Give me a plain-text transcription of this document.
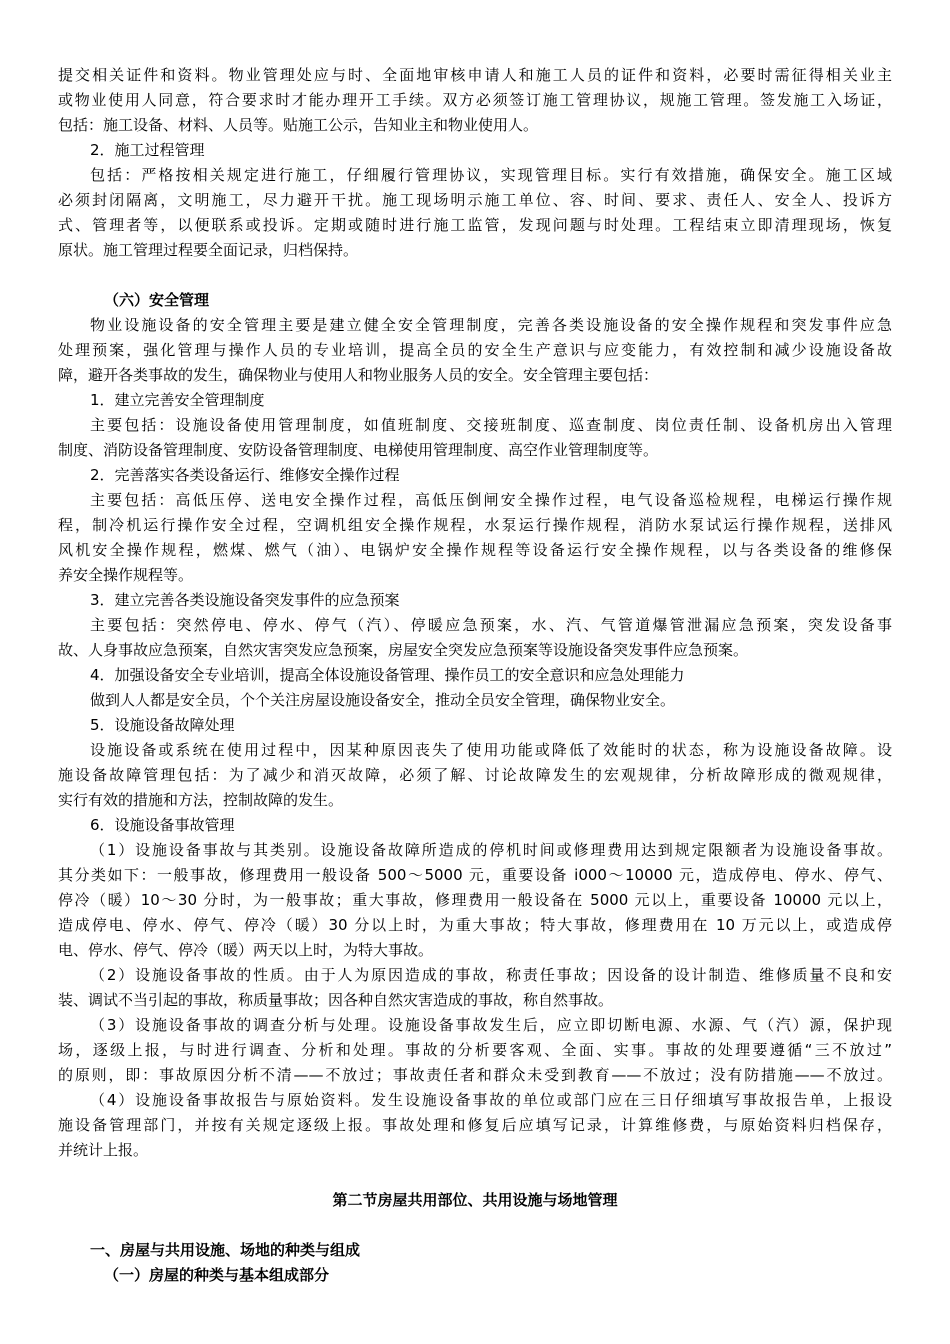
提交相关证件和资料。物业管理处应与时、全面地审核申请人和施工人员的证件和资料，必要时需征得相关业主
或物业使用人同意，符合要求时才能办理开工手续。双方必须签订施工管理协议，规施工管理。签发施工入场证，
包括：施工设备、材料、人员等。贴施工公示，告知业主和物业使用人。
2．施工过程管理
包括：严格按相关规定进行施工，仔细履行管理协议，实现管理目标。实行有效措施，确保安全。施工区域
必须封闭隔离，文明施工，尽力避开干扰。施工现场明示施工单位、容、时间、要求、责任人、安全人、投诉方
式、管理者等，以便联系或投诉。定期或随时进行施工监管，发现问题与时处理。工程结束立即清理现场，恢复
原状。施工管理过程要全面记录，归档保持。
（六）安全管理
物业设施设备的安全管理主要是建立健全安全管理制度，完善各类设施设备的安全操作规程和突发事件应急
处理预案，强化管理与操作人员的专业培训，提高全员的安全生产意识与应变能力，有效控制和减少设施设备故
障，避开各类事故的发生，确保物业与使用人和物业服务人员的安全。安全管理主要包括：
1．建立完善安全管理制度
主要包括：设施设备使用管理制度，如值班制度、交接班制度、巡查制度、岗位责任制、设备机房出入管理
制度、消防设备管理制度、安防设备管理制度、电梯使用管理制度、高空作业管理制度等。
2．完善落实各类设备运行、维修安全操作过程
主要包括：高低压停、送电安全操作过程，高低压倒闸安全操作过程，电气设备巡检规程，电梯运行操作规
程，制冷机运行操作安全过程，空调机组安全操作规程，水泵运行操作规程，消防水泵试运行操作规程，送排风
风机安全操作规程，燃煤、燃气（油）、电锅炉安全操作规程等设备运行安全操作规程，以与各类设备的维修保
养安全操作规程等。
3．建立完善各类设施设备突发事件的应急预案
主要包括：突然停电、停水、停气（汽）、停暖应急预案，水、汽、气管道爆管泄漏应急预案，突发设备事
故、人身事故应急预案，自然灾害突发应急预案，房屋安全突发应急预案等设施设备突发事件应急预案。
4．加强设备安全专业培训，提高全体设施设备管理、操作员工的安全意识和应急处理能力
做到人人都是安全员，个个关注房屋设施设备安全，推动全员安全管理，确保物业安全。
5．设施设备故障处理
设施设备或系统在使用过程中，因某种原因丧失了使用功能或降低了效能时的状态，称为设施设备故障。设
施设备故障管理包括：为了减少和消灭故障，必须了解、讨论故障发生的宏观规律，分析故障形成的微观规律，
实行有效的措施和方法，控制故障的发生。
6．设施设备事故管理
（1）设施设备事故与其类别。设施设备故障所造成的停机时间或修理费用达到规定限额者为设施设备事故。
其分类如下：一般事故，修理费用一般设备 500～5000 元，重要设备 i000～10000 元，造成停电、停水、停气、
停冷（暖）10～30 分时，为一般事故；重大事故，修理费用一般设备在 5000 元以上，重要设备 10000 元以上，
造成停电、停水、停气、停冷（暖）30 分以上时，为重大事故；特大事故，修理费用在 10 万元以上，或造成停
电、停水、停气、停冷（暖）两天以上时，为特大事故。
（2）设施设备事故的性质。由于人为原因造成的事故，称责任事故；因设备的设计制造、维修质量不良和安
装、调试不当引起的事故，称质量事故；因各种自然灾害造成的事故，称自然事故。
（3）设施设备事故的调查分析与处理。设施设备事故发生后，应立即切断电源、水源、气（汽）源，保护现
场，逐级上报，与时进行调查、分析和处理。事故的分析要客观、全面、实事。事故的处理要遵循“三不放过”
的原则，即：事故原因分析不清——不放过；事故责任者和群众未受到教育——不放过；没有防措施——不放过。
（4）设施设备事故报告与原始资料。发生设施设备事故的单位或部门应在三日仔细填写事故报告单，上报设
施设备管理部门，并按有关规定逐级上报。事故处理和修复后应填写记录，计算维修费，与原始资料归档保存，
并统计上报。
第二节房屋共用部位、共用设施与场地管理
一、房屋与共用设施、场地的种类与组成
（一）房屋的种类与基本组成部分
